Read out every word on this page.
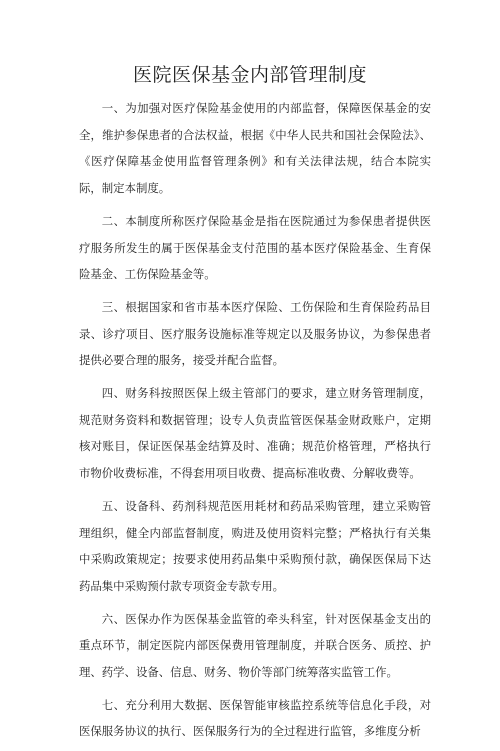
医院医保基金内部管理制度

一、为加强对医疗保险基金使用的内部监督，保障医保基金的安全，维护参保患者的合法权益，根据《中华人民共和国社会保险法》、《医疗保障基金使用监督管理条例》和有关法律法规，结合本院实际，制定本制度。

二、本制度所称医疗保险基金是指在医院通过为参保患者提供医疗服务所发生的属于医保基金支付范围的基本医疗保险基金、生育保险基金、工伤保险基金等。

三、根据国家和省市基本医疗保险、工伤保险和生育保险药品目录、诊疗项目、医疗服务设施标准等规定以及服务协议，为参保患者提供必要合理的服务，接受并配合监督。

四、财务科按照医保上级主管部门的要求，建立财务管理制度，规范财务资料和数据管理；设专人负责监管医保基金财政账户，定期核对账目，保证医保基金结算及时、准确；规范价格管理，严格执行市物价收费标准，不得套用项目收费、提高标准收费、分解收费等。

五、设备科、药剂科规范医用耗材和药品采购管理，建立采购管理组织，健全内部监督制度，购进及使用资料完整；严格执行有关集中采购政策规定；按要求使用药品集中采购预付款，确保医保局下达药品集中采购预付款专项资金专款专用。

六、医保办作为医保基金监管的牵头科室，针对医保基金支出的重点环节，制定医院内部医保费用管理制度，并联合医务、质控、护理、药学、设备、信息、财务、物价等部门统筹落实监管工作。

七、充分利用大数据、医保智能审核监控系统等信息化手段，对医保服务协议的执行、医保服务行为的全过程进行监管，多维度分析
